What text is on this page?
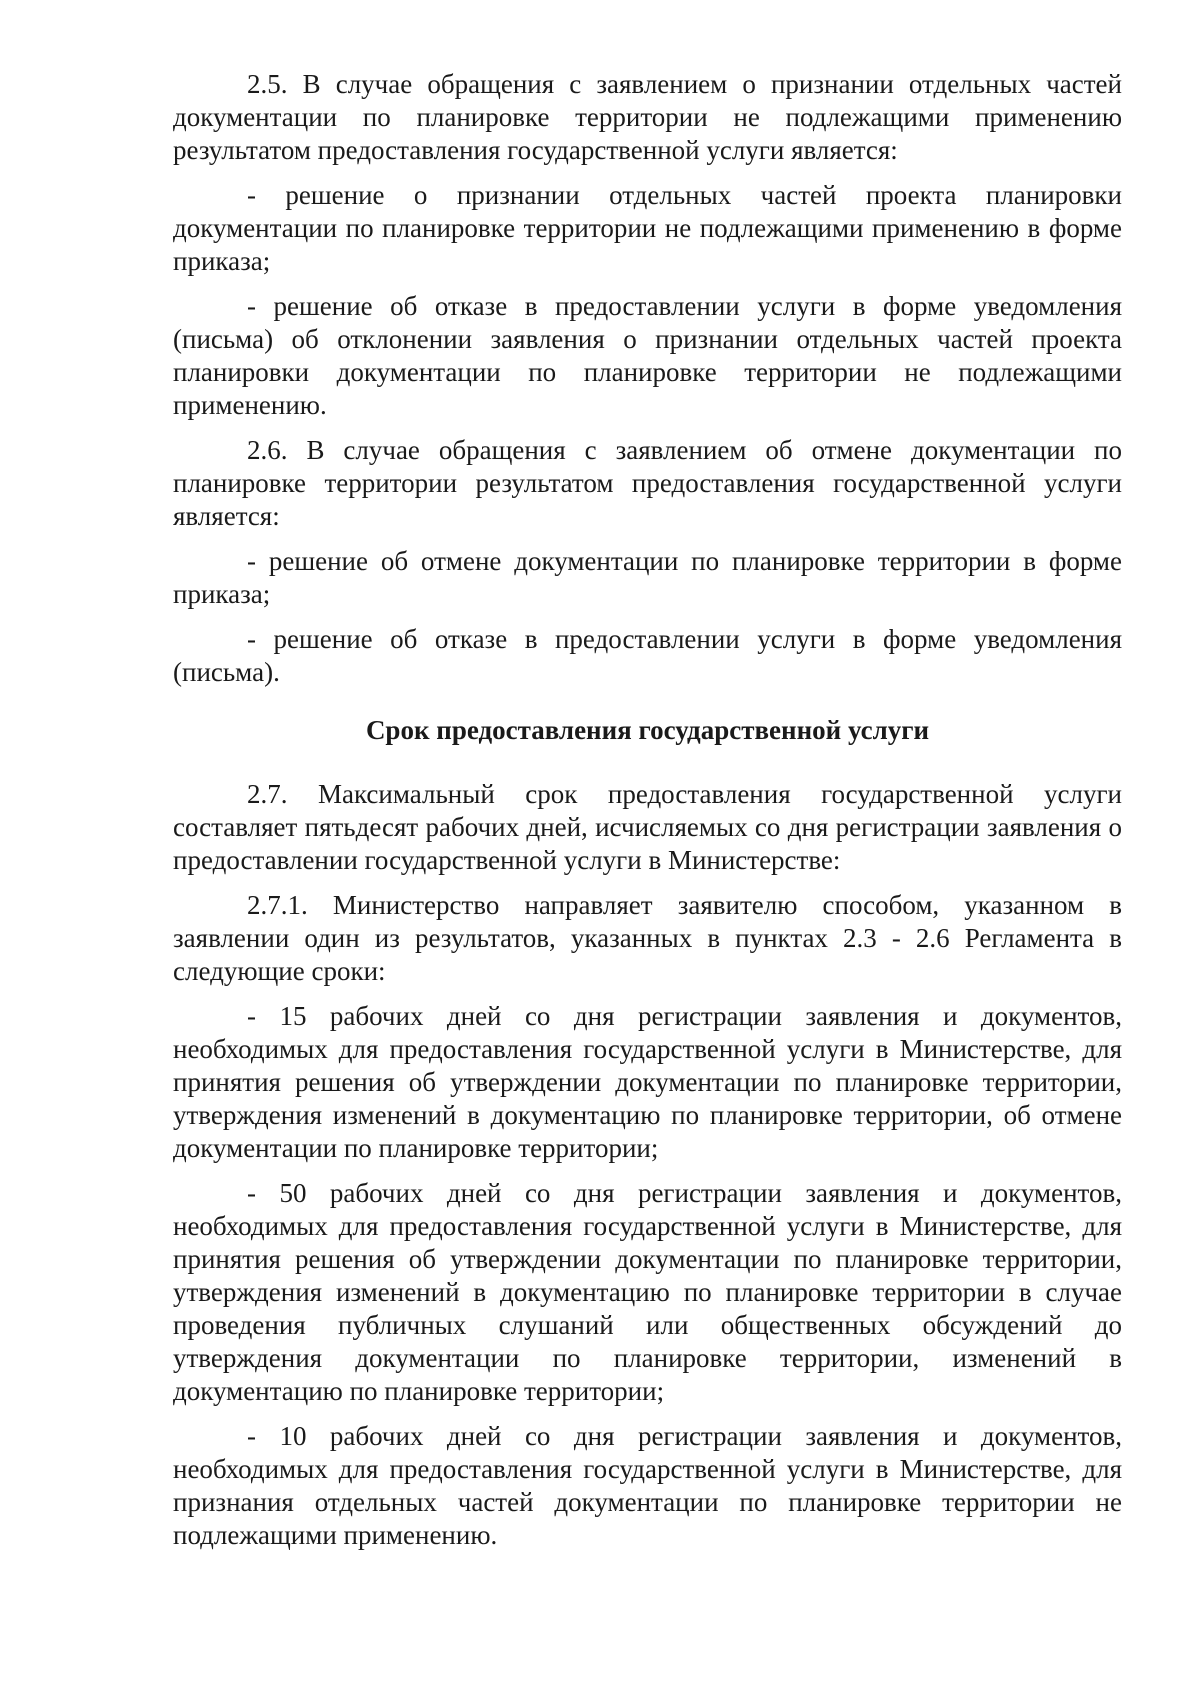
2.5. В случае обращения с заявлением о признании отдельных частей документации по планировке территории не подлежащими применению результатом предоставления государственной услуги является:

- решение о признании отдельных частей проекта планировки документации по планировке территории не подлежащими применению в форме приказа;

- решение об отказе в предоставлении услуги в форме уведомления (письма) об отклонении заявления о признании отдельных частей проекта планировки документации по планировке территории не подлежащими применению.

2.6. В случае обращения с заявлением об отмене документации по планировке территории результатом предоставления государственной услуги является:

- решение об отмене документации по планировке территории в форме приказа;

- решение об отказе в предоставлении услуги в форме уведомления (письма).

Срок предоставления государственной услуги

2.7. Максимальный срок предоставления государственной услуги составляет пятьдесят рабочих дней, исчисляемых со дня регистрации заявления о предоставлении государственной услуги в Министерстве:

2.7.1. Министерство направляет заявителю способом, указанном в заявлении один из результатов, указанных в пунктах 2.3 - 2.6 Регламента в следующие сроки:

- 15 рабочих дней со дня регистрации заявления и документов, необходимых для предоставления государственной услуги в Министерстве, для принятия решения об утверждении документации по планировке территории, утверждения изменений в документацию по планировке территории, об отмене документации по планировке территории;

- 50 рабочих дней со дня регистрации заявления и документов, необходимых для предоставления государственной услуги в Министерстве, для принятия решения об утверждении документации по планировке территории, утверждения изменений в документацию по планировке территории в случае проведения публичных слушаний или общественных обсуждений до утверждения документации по планировке территории, изменений в документацию по планировке территории;

- 10 рабочих дней со дня регистрации заявления и документов, необходимых для предоставления государственной услуги в Министерстве, для признания отдельных частей документации по планировке территории не подлежащими применению.
